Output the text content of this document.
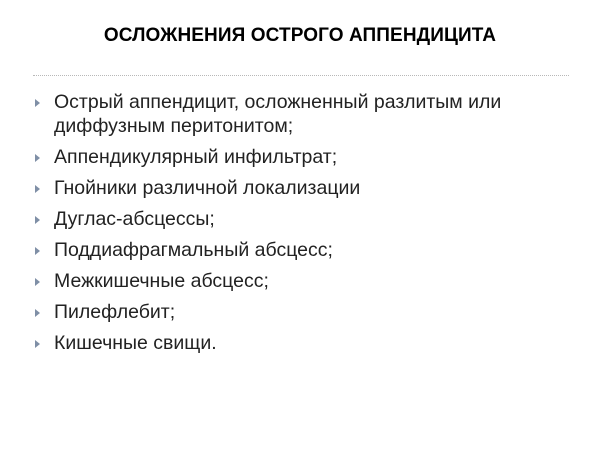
ОСЛОЖНЕНИЯ ОСТРОГО АППЕНДИЦИТА
Острый аппендицит, осложненный разлитым или диффузным перитонитом;
Аппендикулярный инфильтрат;
Гнойники различной локализации
Дуглас-абсцессы;
Поддиафрагмальный абсцесс;
Межкишечные абсцесс;
Пилефлебит;
Кишечные свищи.
